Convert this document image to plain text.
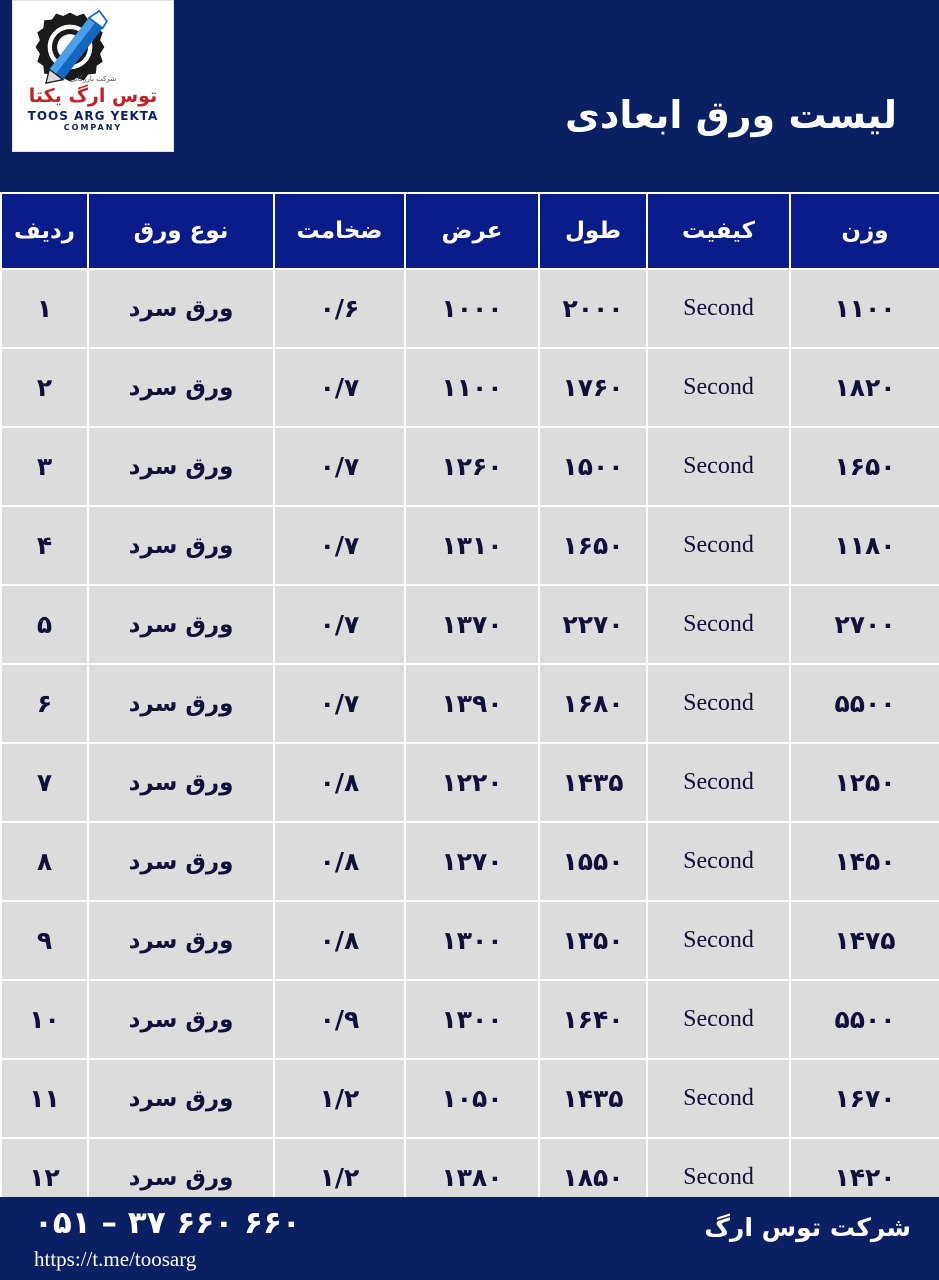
شرکت بازرگانی
توس ارگ یکتا
TOOS ARG YEKTA
COMPANY	لیست ورق ابعادی
وزن	کیفیت	طول	عرض	ضخامت	نوع ورق	ردیف
۱۱۰۰	Second	۲۰۰۰	۱۰۰۰	۰/۶	ورق سرد	۱
۱۸۲۰	Second	۱۷۶۰	۱۱۰۰	۰/۷	ورق سرد	۲
۱۶۵۰	Second	۱۵۰۰	۱۲۶۰	۰/۷	ورق سرد	۳
۱۱۸۰	Second	۱۶۵۰	۱۳۱۰	۰/۷	ورق سرد	۴
۲۷۰۰	Second	۲۲۷۰	۱۳۷۰	۰/۷	ورق سرد	۵
۵۵۰۰	Second	۱۶۸۰	۱۳۹۰	۰/۷	ورق سرد	۶
۱۲۵۰	Second	۱۴۳۵	۱۲۲۰	۰/۸	ورق سرد	۷
۱۴۵۰	Second	۱۵۵۰	۱۲۷۰	۰/۸	ورق سرد	۸
۱۴۷۵	Second	۱۳۵۰	۱۳۰۰	۰/۸	ورق سرد	۹
۵۵۰۰	Second	۱۶۴۰	۱۳۰۰	۰/۹	ورق سرد	۱۰
۱۶۷۰	Second	۱۴۳۵	۱۰۵۰	۱/۲	ورق سرد	۱۱
۱۴۲۰	Second	۱۸۵۰	۱۳۸۰	۱/۲	ورق سرد	۱۲
شرکت توس ارگ
۰۵۱ – ۳۷ ۶۶۰ ۶۶۰
https://t.me/toosarg
